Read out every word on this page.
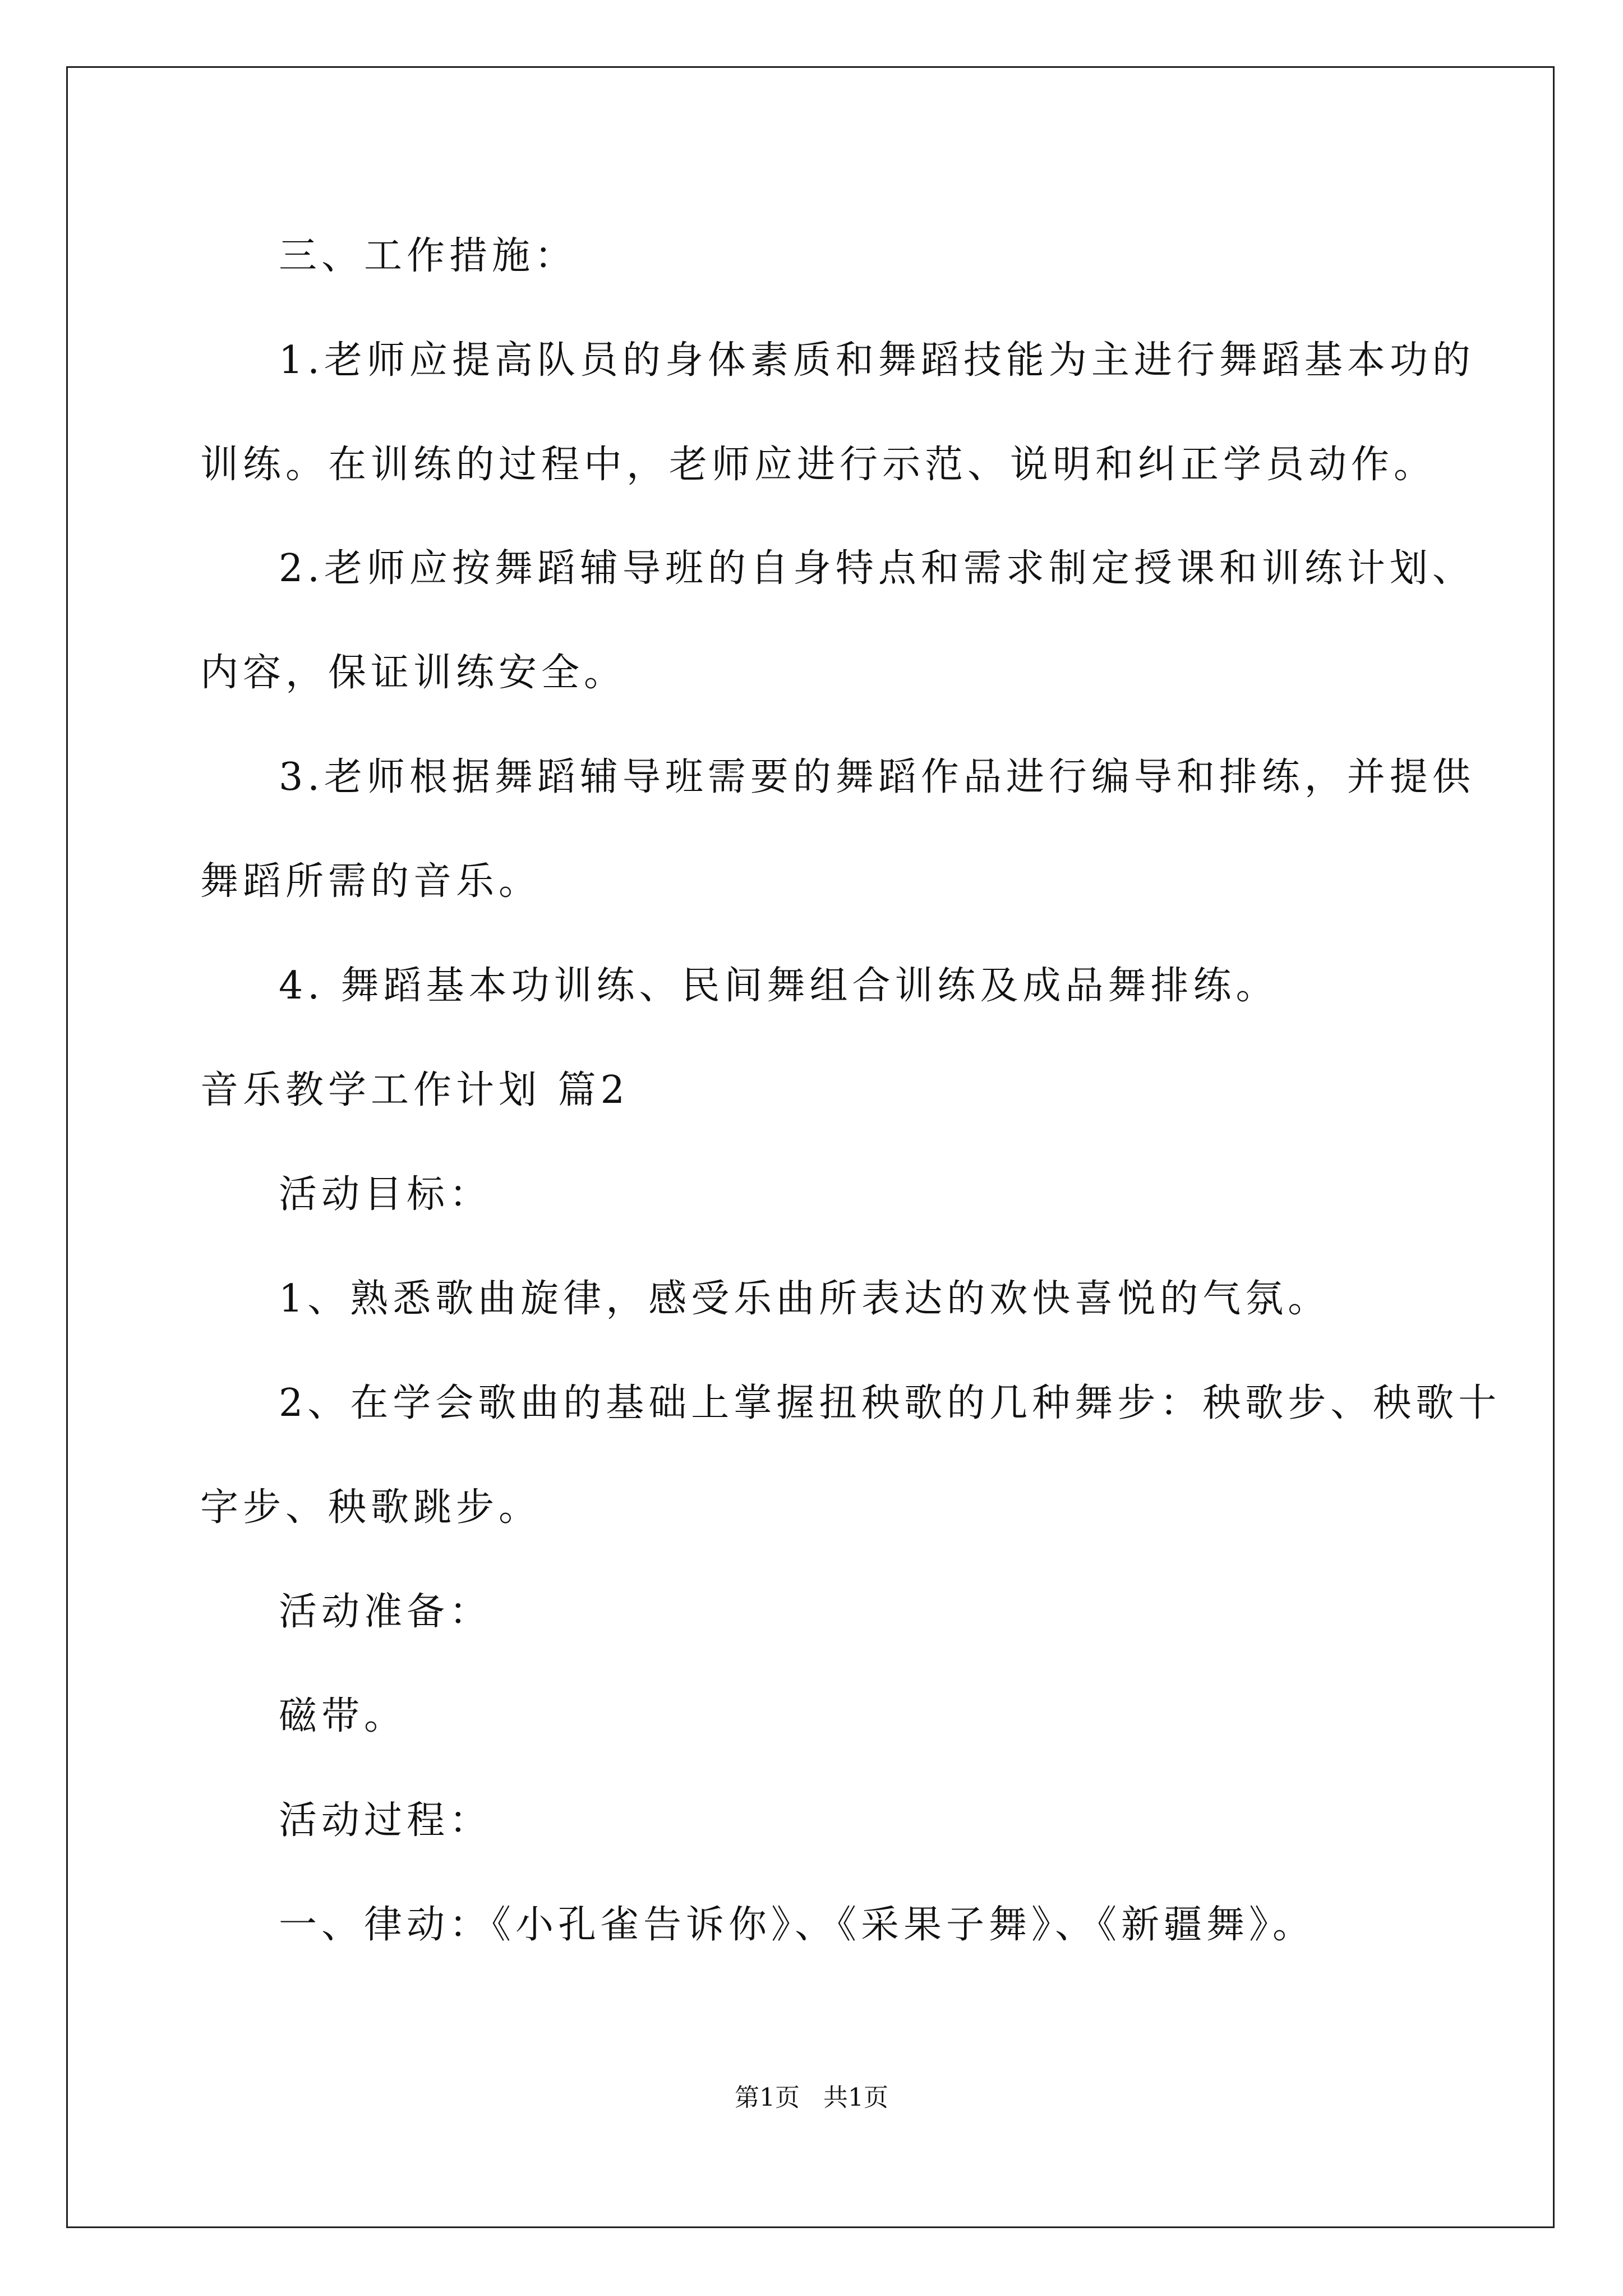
三、工作措施：
1.老师应提高队员的身体素质和舞蹈技能为主进行舞蹈基本功的
训练。在训练的过程中，老师应进行示范、说明和纠正学员动作。
2.老师应按舞蹈辅导班的自身特点和需求制定授课和训练计划、
内容，保证训练安全。
3.老师根据舞蹈辅导班需要的舞蹈作品进行编导和排练，并提供
舞蹈所需的音乐。
4. 舞蹈基本功训练、民间舞组合训练及成品舞排练。
音乐教学工作计划 篇2
活动目标：
1、熟悉歌曲旋律，感受乐曲所表达的欢快喜悦的气氛。
2、在学会歌曲的基础上掌握扭秧歌的几种舞步：秧歌步、秧歌十
字步、秧歌跳步。
活动准备：
磁带。
活动过程：
一、律动：《小孔雀告诉你》、《采果子舞》、《新疆舞》。
第1页   共1页
